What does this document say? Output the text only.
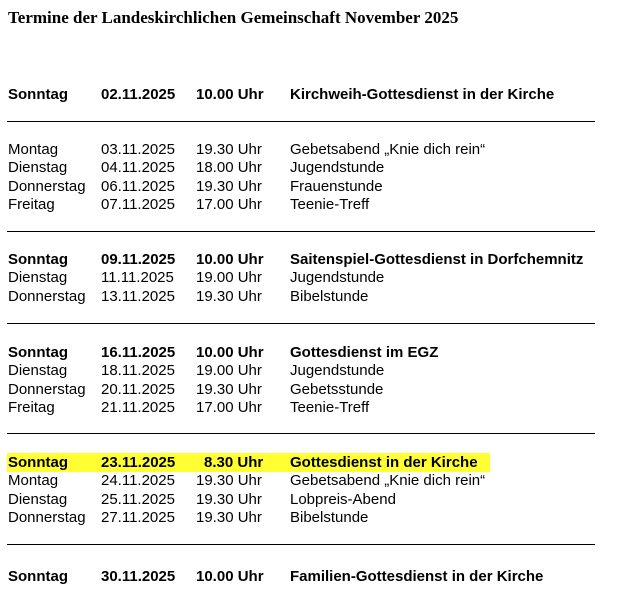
Termine der Landeskirchlichen Gemeinschaft November 2025
Sonntag 02.11.2025 10.00 Uhr Kirchweih-Gottesdienst in der Kirche
Montag	03.11.2025 19.30 Uhr Gebetsabend „Knie dich rein“
Dienstag 04.11.2025 18.00 Uhr Jugendstunde
Donnerstag 06.11.2025 19.30 Uhr Frauenstunde
Freitag	07.11.2025 17.00 Uhr Teenie-Treff
Sonntag 09.11.2025 10.00 Uhr Saitenspiel-Gottesdienst in Dorfchemnitz
Dienstag 11.11.2025 19.00 Uhr Jugendstunde
Donnerstag 13.11.2025 19.30 Uhr Bibelstunde
Sonntag 16.11.2025 10.00 Uhr Gottesdienst im EGZ
Dienstag 18.11.2025 19.00 Uhr Jugendstunde
Donnerstag 20.11.2025 19.30 Uhr Gebetsstunde
Freitag	21.11.2025 17.00 Uhr Teenie-Treff
Sonntag 23.11.2025 8.30 Uhr Gottesdienst in der Kirche
Montag	24.11.2025 19.30 Uhr Gebetsabend „Knie dich rein“
Dienstag 25.11.2025 19.30 Uhr Lobpreis-Abend
Donnerstag 27.11.2025 19.30 Uhr Bibelstunde
Sonntag 30.11.2025 10.00 Uhr Familien-Gottesdienst in der Kirche
